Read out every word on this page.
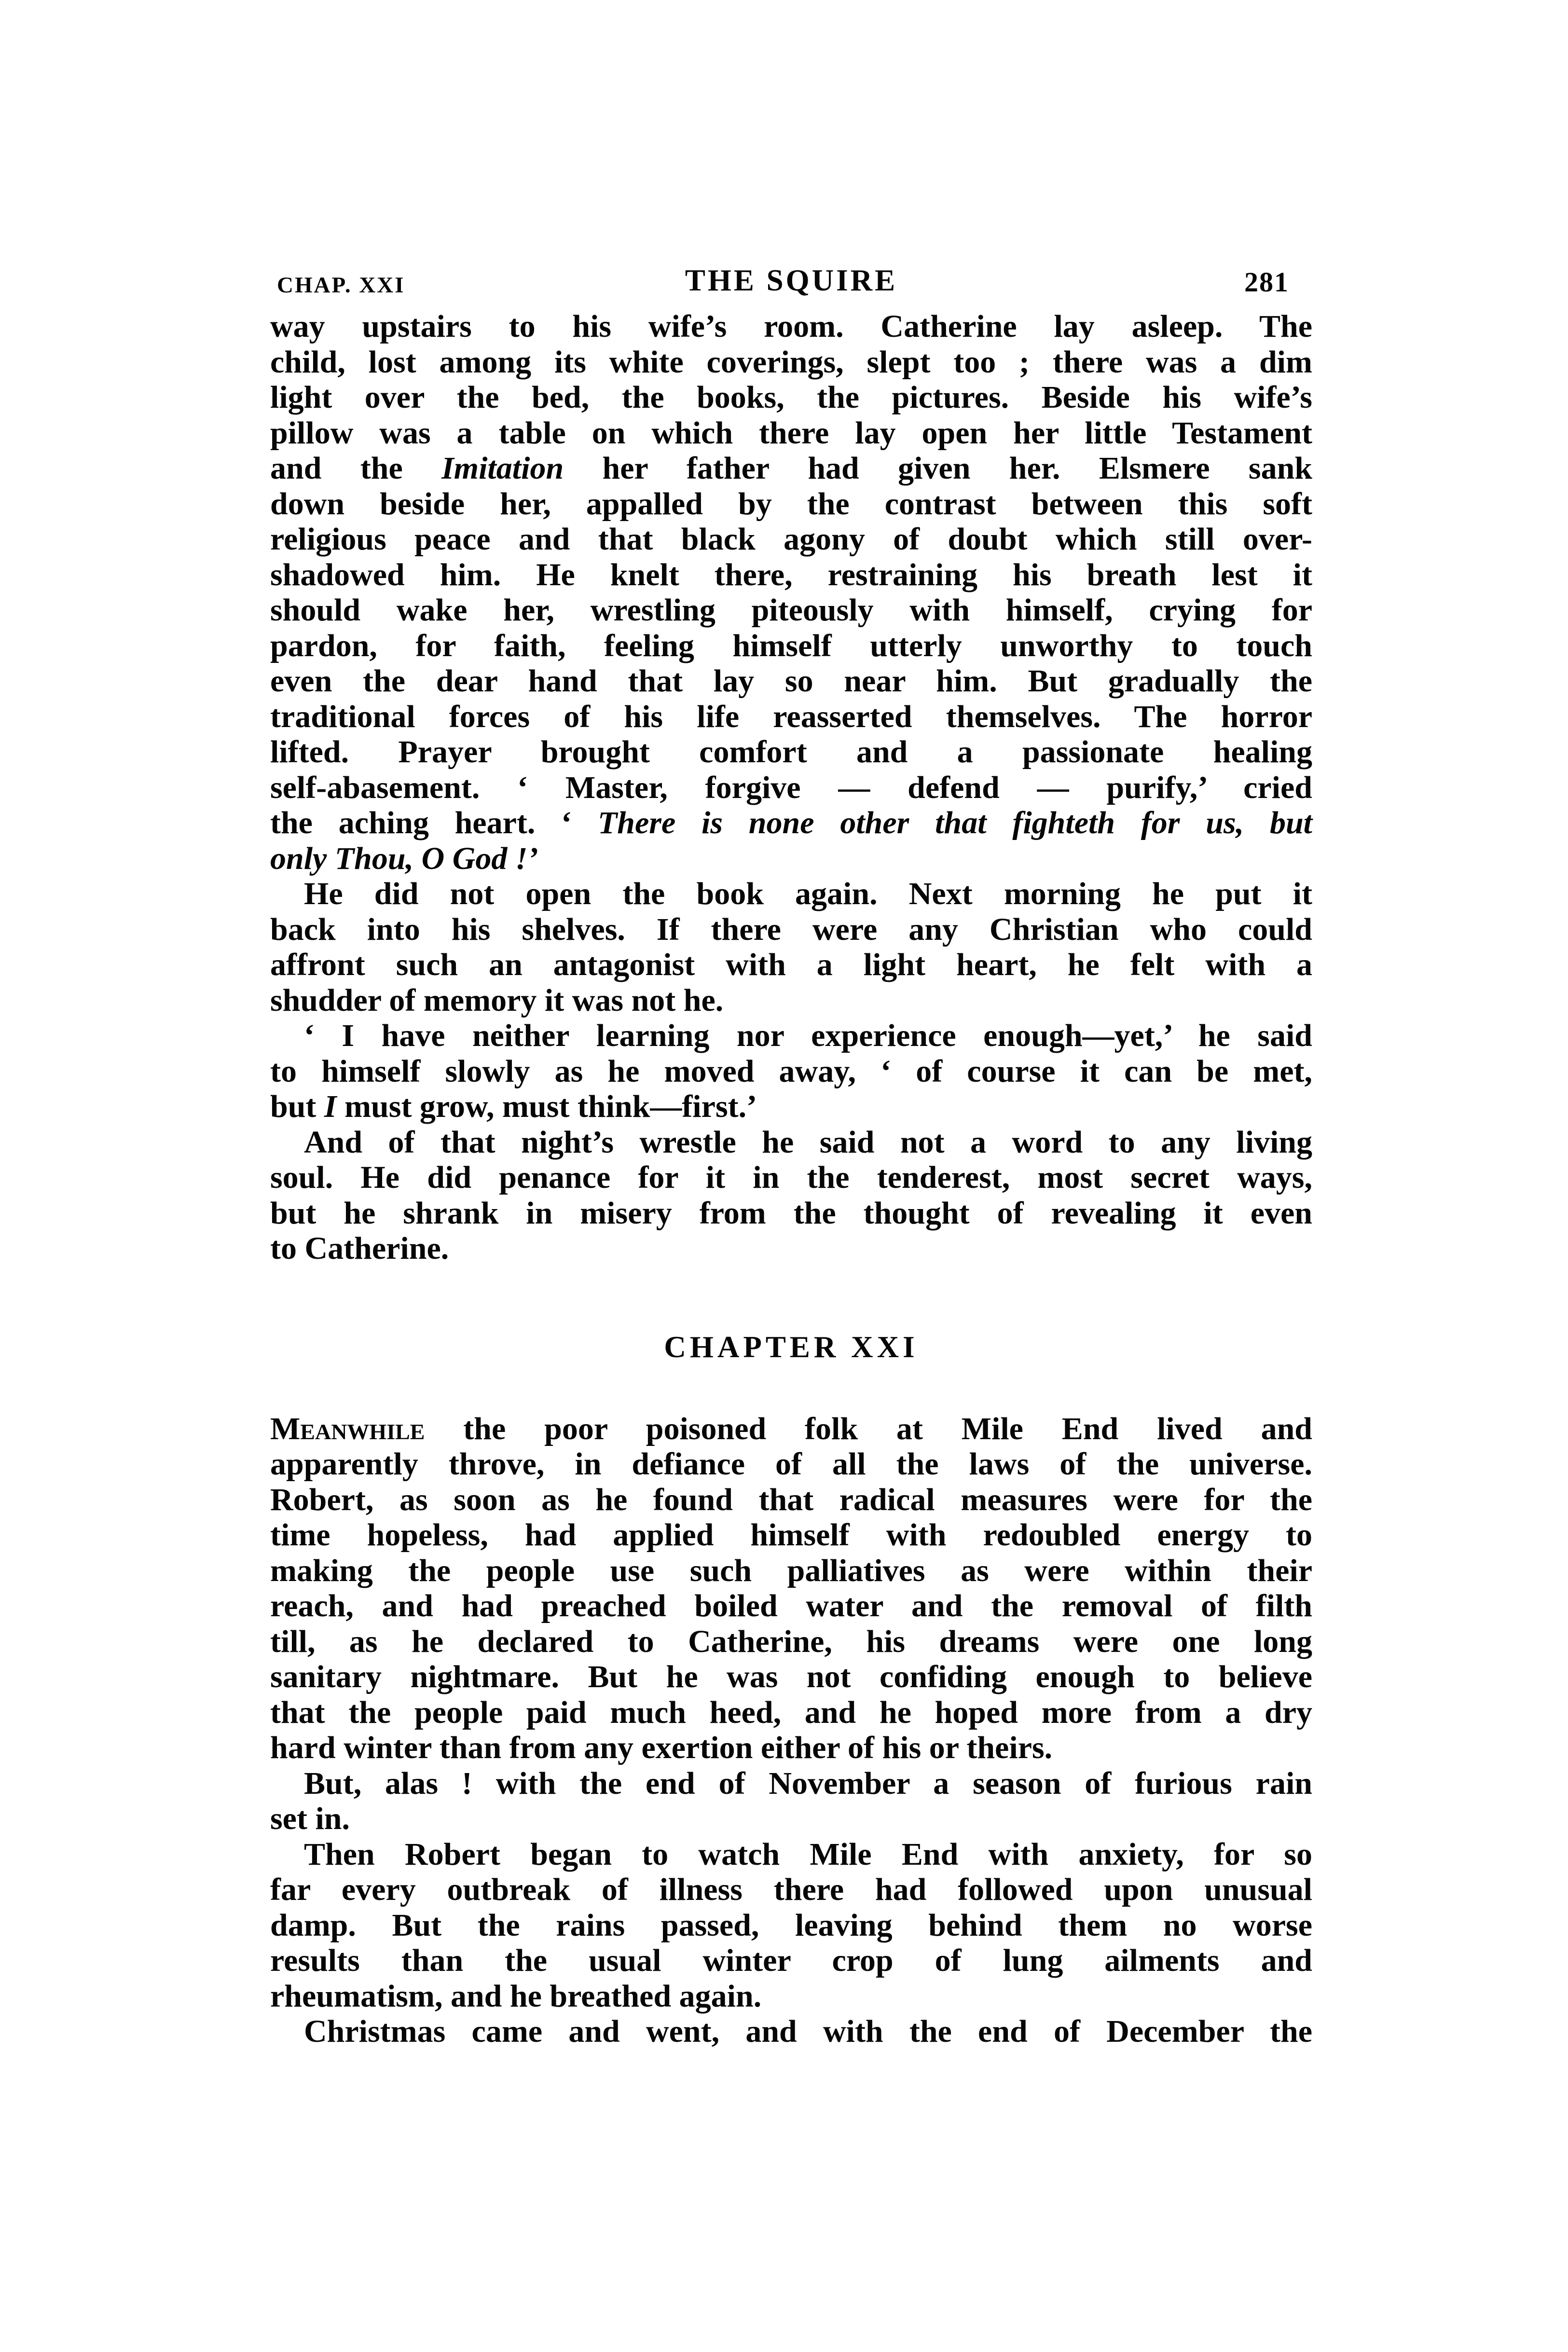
CHAP. XXI	THE SQUIRE	281
way upstairs to his wife’s room. Catherine lay asleep. The
child, lost among its white coverings, slept too ; there was a dim
light over the bed, the books, the pictures. Beside his wife’s
pillow was a table on which there lay open her little Testament
and the Imitation her father had given her. Elsmere sank
down beside her, appalled by the contrast between this soft
religious peace and that black agony of doubt which still over-
shadowed him. He knelt there, restraining his breath lest it
should wake her, wrestling piteously with himself, crying for
pardon, for faith, feeling himself utterly unworthy to touch
even the dear hand that lay so near him. But gradually the
traditional forces of his life reasserted themselves. The horror
lifted. Prayer brought comfort and a passionate healing
self-abasement. ‘ Master, forgive — defend — purify,’ cried
the aching heart. ‘ There is none other that fighteth for us, but
only Thou, O God !’
He did not open the book again. Next morning he put it
back into his shelves. If there were any Christian who could
affront such an antagonist with a light heart, he felt with a
shudder of memory it was not he.
‘ I have neither learning nor experience enough—yet,’ he said
to himself slowly as he moved away, ‘ of course it can be met,
but I must grow, must think—first.’
And of that night’s wrestle he said not a word to any living
soul. He did penance for it in the tenderest, most secret ways,
but he shrank in misery from the thought of revealing it even
to Catherine.
CHAPTER XXI
Meanwhile the poor poisoned folk at Mile End lived and
apparently throve, in defiance of all the laws of the universe.
Robert, as soon as he found that radical measures were for the
time hopeless, had applied himself with redoubled energy to
making the people use such palliatives as were within their
reach, and had preached boiled water and the removal of filth
till, as he declared to Catherine, his dreams were one long
sanitary nightmare. But he was not confiding enough to believe
that the people paid much heed, and he hoped more from a dry
hard winter than from any exertion either of his or theirs.
But, alas ! with the end of November a season of furious rain
set in.
Then Robert began to watch Mile End with anxiety, for so
far every outbreak of illness there had followed upon unusual
damp. But the rains passed, leaving behind them no worse
results than the usual winter crop of lung ailments and
rheumatism, and he breathed again.
Christmas came and went, and with the end of December the
